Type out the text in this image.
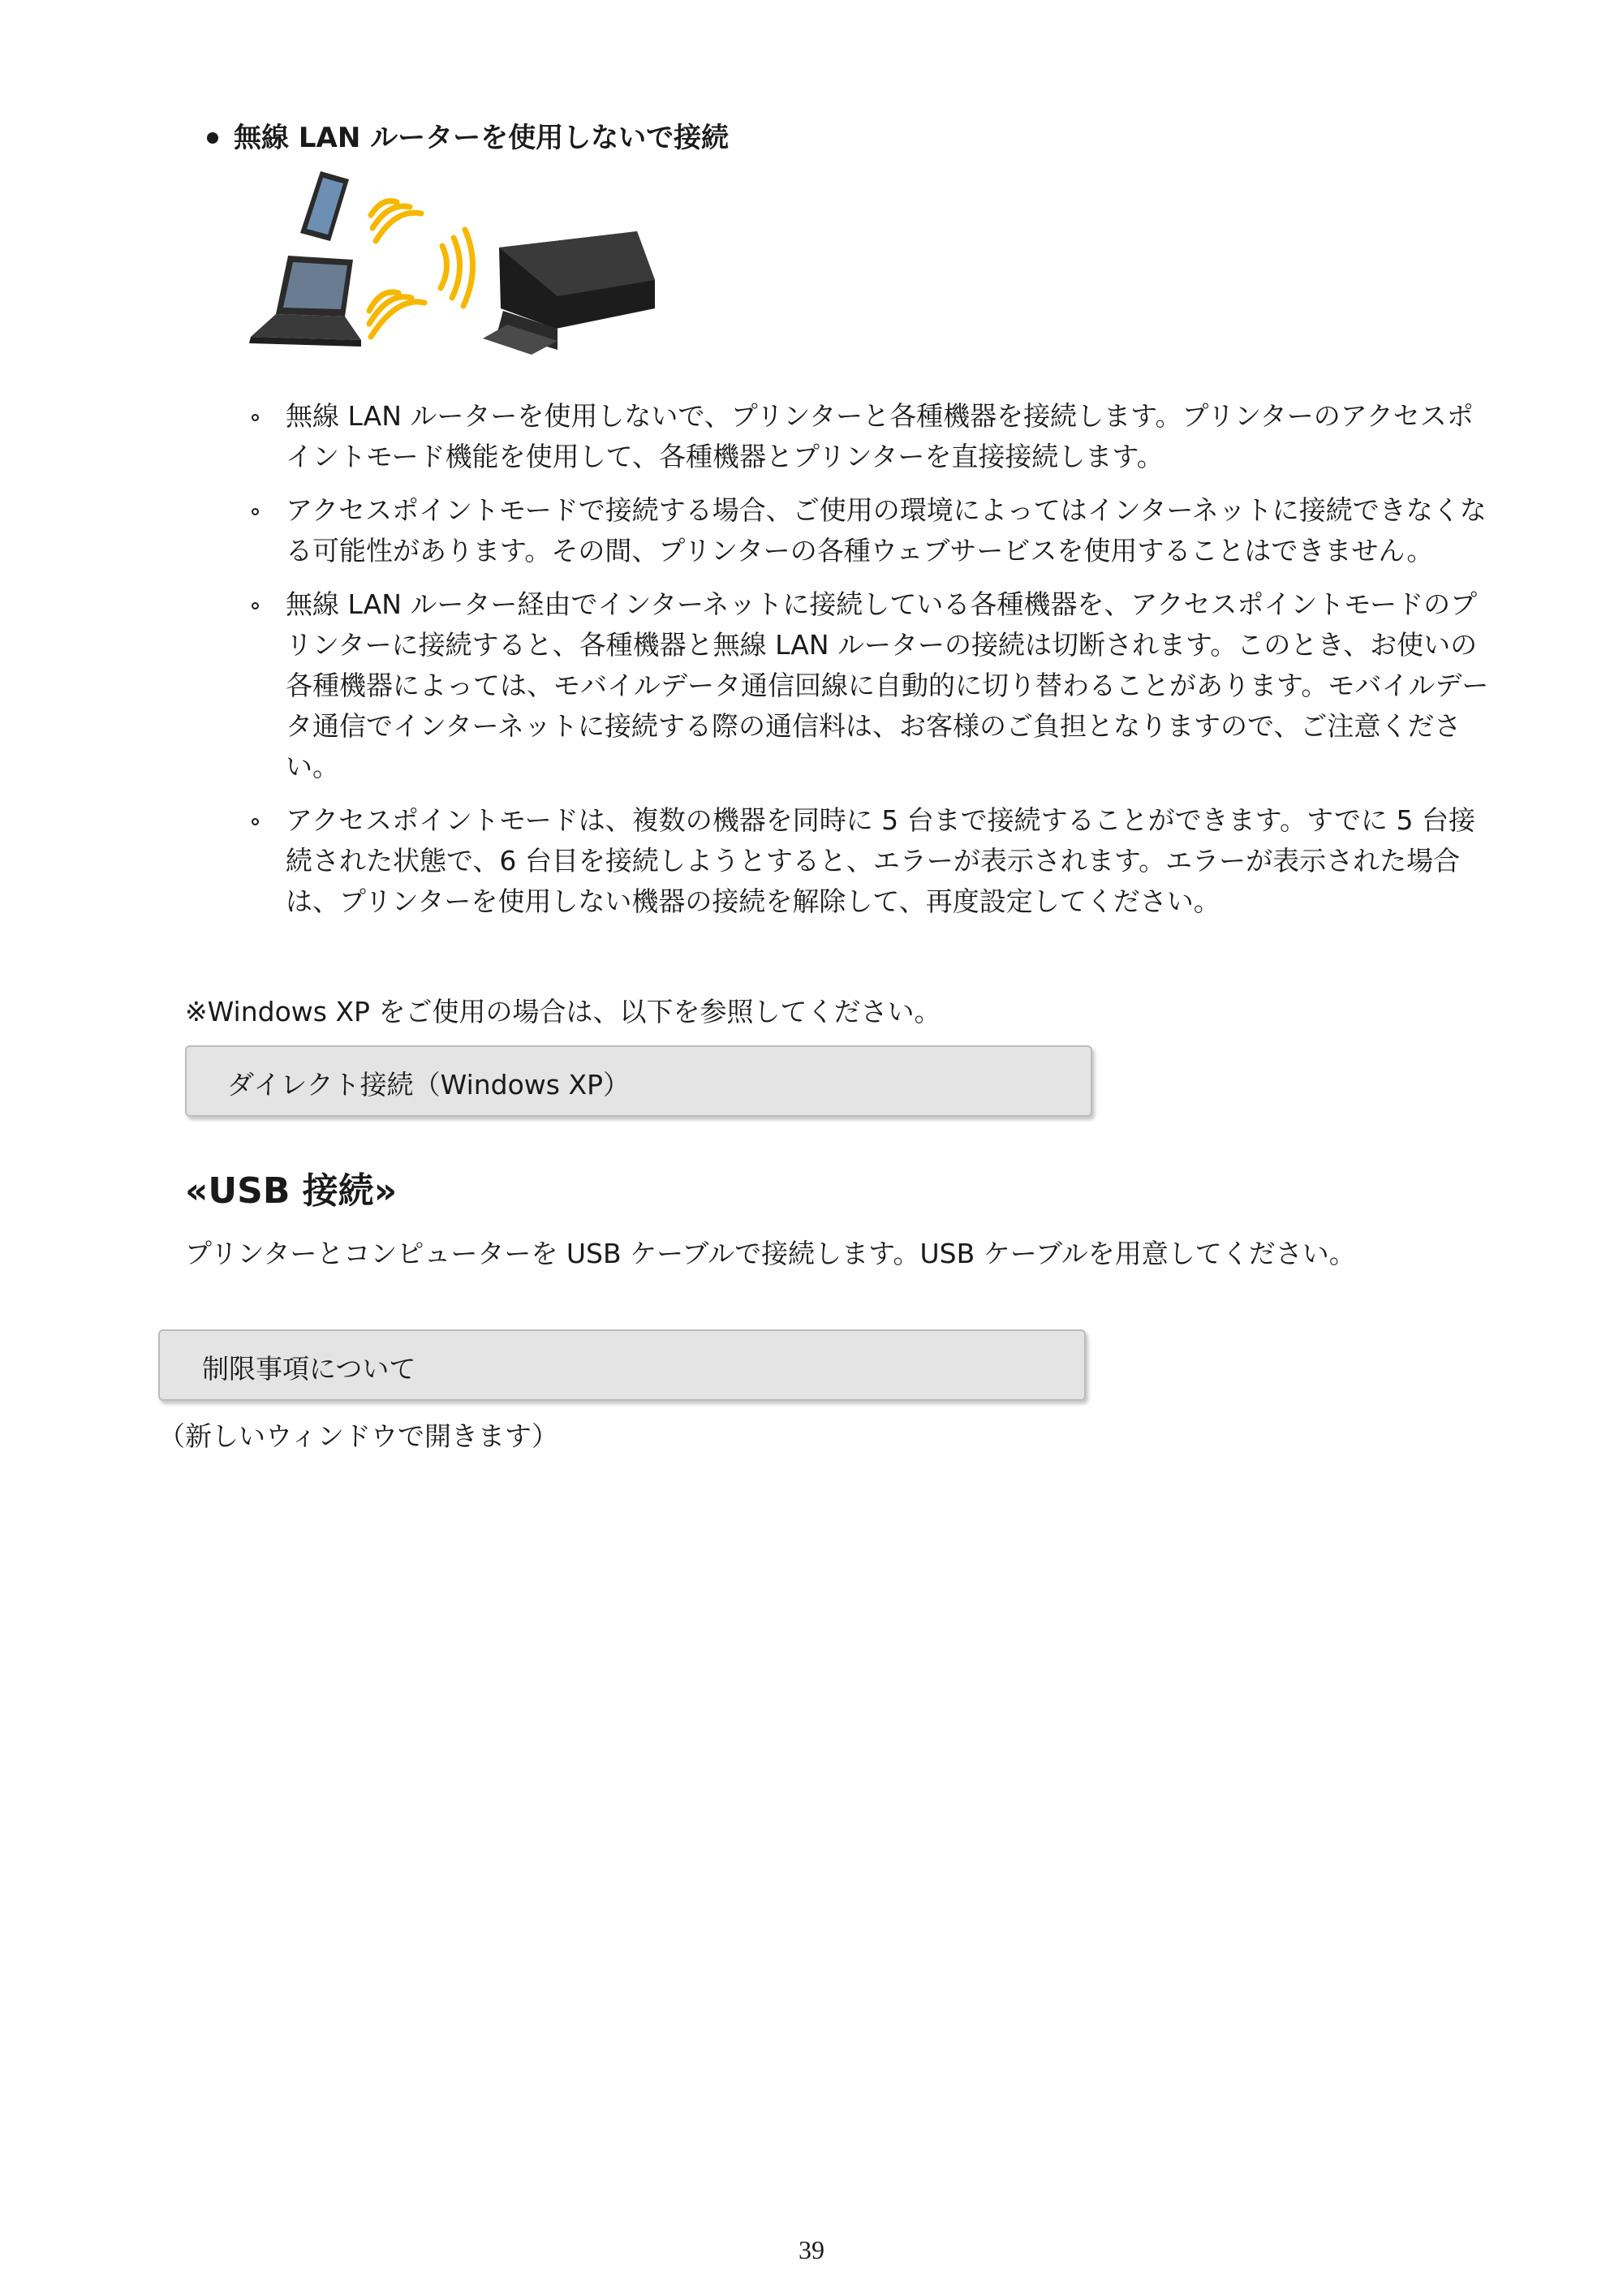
無線 LAN ルーターを使用しないで接続
無線 LAN ルーターを使用しないで、プリンターと各種機器を接続します。プリンターのアクセスポイントモード機能を使用して、各種機器とプリンターを直接接続します。
アクセスポイントモードで接続する場合、ご使用の環境によってはインターネットに接続できなくなる可能性があります。その間、プリンターの各種ウェブサービスを使用することはできません。
無線 LAN ルーター経由でインターネットに接続している各種機器を、アクセスポイントモードのプリンターに接続すると、各種機器と無線 LAN ルーターの接続は切断されます。このとき、お使いの各種機器によっては、モバイルデータ通信回線に自動的に切り替わることがあります。モバイルデータ通信でインターネットに接続する際の通信料は、お客様のご負担となりますので、ご注意ください。
アクセスポイントモードは、複数の機器を同時に 5 台まで接続することができます。すでに 5 台接続された状態で、6 台目を接続しようとすると、エラーが表示されます。エラーが表示された場合は、プリンターを使用しない機器の接続を解除して、再度設定してください。
※Windows XP をご使用の場合は、以下を参照してください。
ダイレクト接続（Windows XP）
«USB 接続»
プリンターとコンピューターを USB ケーブルで接続します。USB ケーブルを用意してください。
制限事項について
（新しいウィンドウで開きます）
39
